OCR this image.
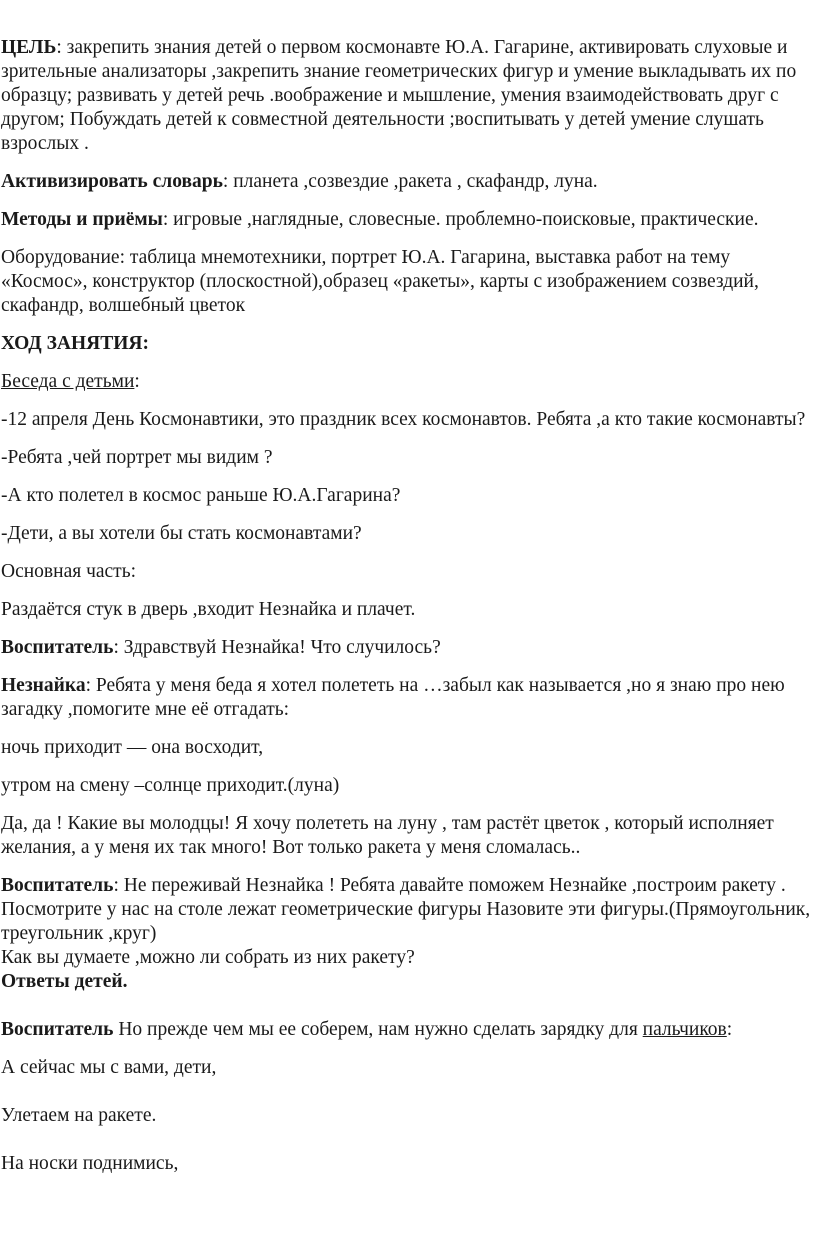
ЦЕЛЬ: закрепить знания детей о первом космонавте Ю.А. Гагарине, активировать слуховые и зрительные анализаторы ,закрепить знание геометрических фигур и умение выкладывать их по образцу; развивать у детей речь .воображение и мышление, умения взаимодействовать друг с другом; Побуждать детей к совместной деятельности ;воспитывать у детей умение слушать взрослых .

Активизировать словарь: планета ,созвездие ,ракета , скафандр, луна.

Методы и приёмы: игровые ,наглядные, словесные. проблемно-поисковые, практические.

Оборудование: таблица мнемотехники, портрет Ю.А. Гагарина, выставка работ на тему «Космос», конструктор (плоскостной),образец «ракеты», карты с изображением созвездий, скафандр, волшебный цветок

ХОД ЗАНЯТИЯ:

Беседа с детьми:

-12 апреля День Космонавтики, это праздник всех космонавтов. Ребята ,а кто такие космонавты?

-Ребята ,чей портрет мы видим ?

-А кто полетел в космос раньше Ю.А.Гагарина?

-Дети, а вы хотели бы стать космонавтами?

Основная часть:

Раздаётся стук в дверь ,входит Незнайка и плачет.

Воспитатель: Здравствуй Незнайка! Что случилось?

Незнайка: Ребята у меня беда я хотел полететь на …забыл как называется ,но я знаю про нею загадку ,помогите мне её отгадать:

ночь приходит — она восходит,

утром на смену –солнце приходит.(луна)

Да, да ! Какие вы молодцы! Я хочу полететь на луну , там растёт цветок , который исполняет желания, а у меня их так много! Вот только ракета у меня сломалась..

Воспитатель: Не переживай Незнайка ! Ребята давайте поможем Незнайке ,построим ракету .

Посмотрите у нас на столе лежат геометрические фигуры Назовите эти фигуры.(Прямоугольник, треугольник ,круг)

Как вы думаете ,можно ли собрать из них ракету?

Ответы детей.

Воспитатель Но прежде чем мы ее соберем, нам нужно сделать зарядку для пальчиков:

А сейчас мы с вами, дети,

Улетаем на ракете.

На носки поднимись,
